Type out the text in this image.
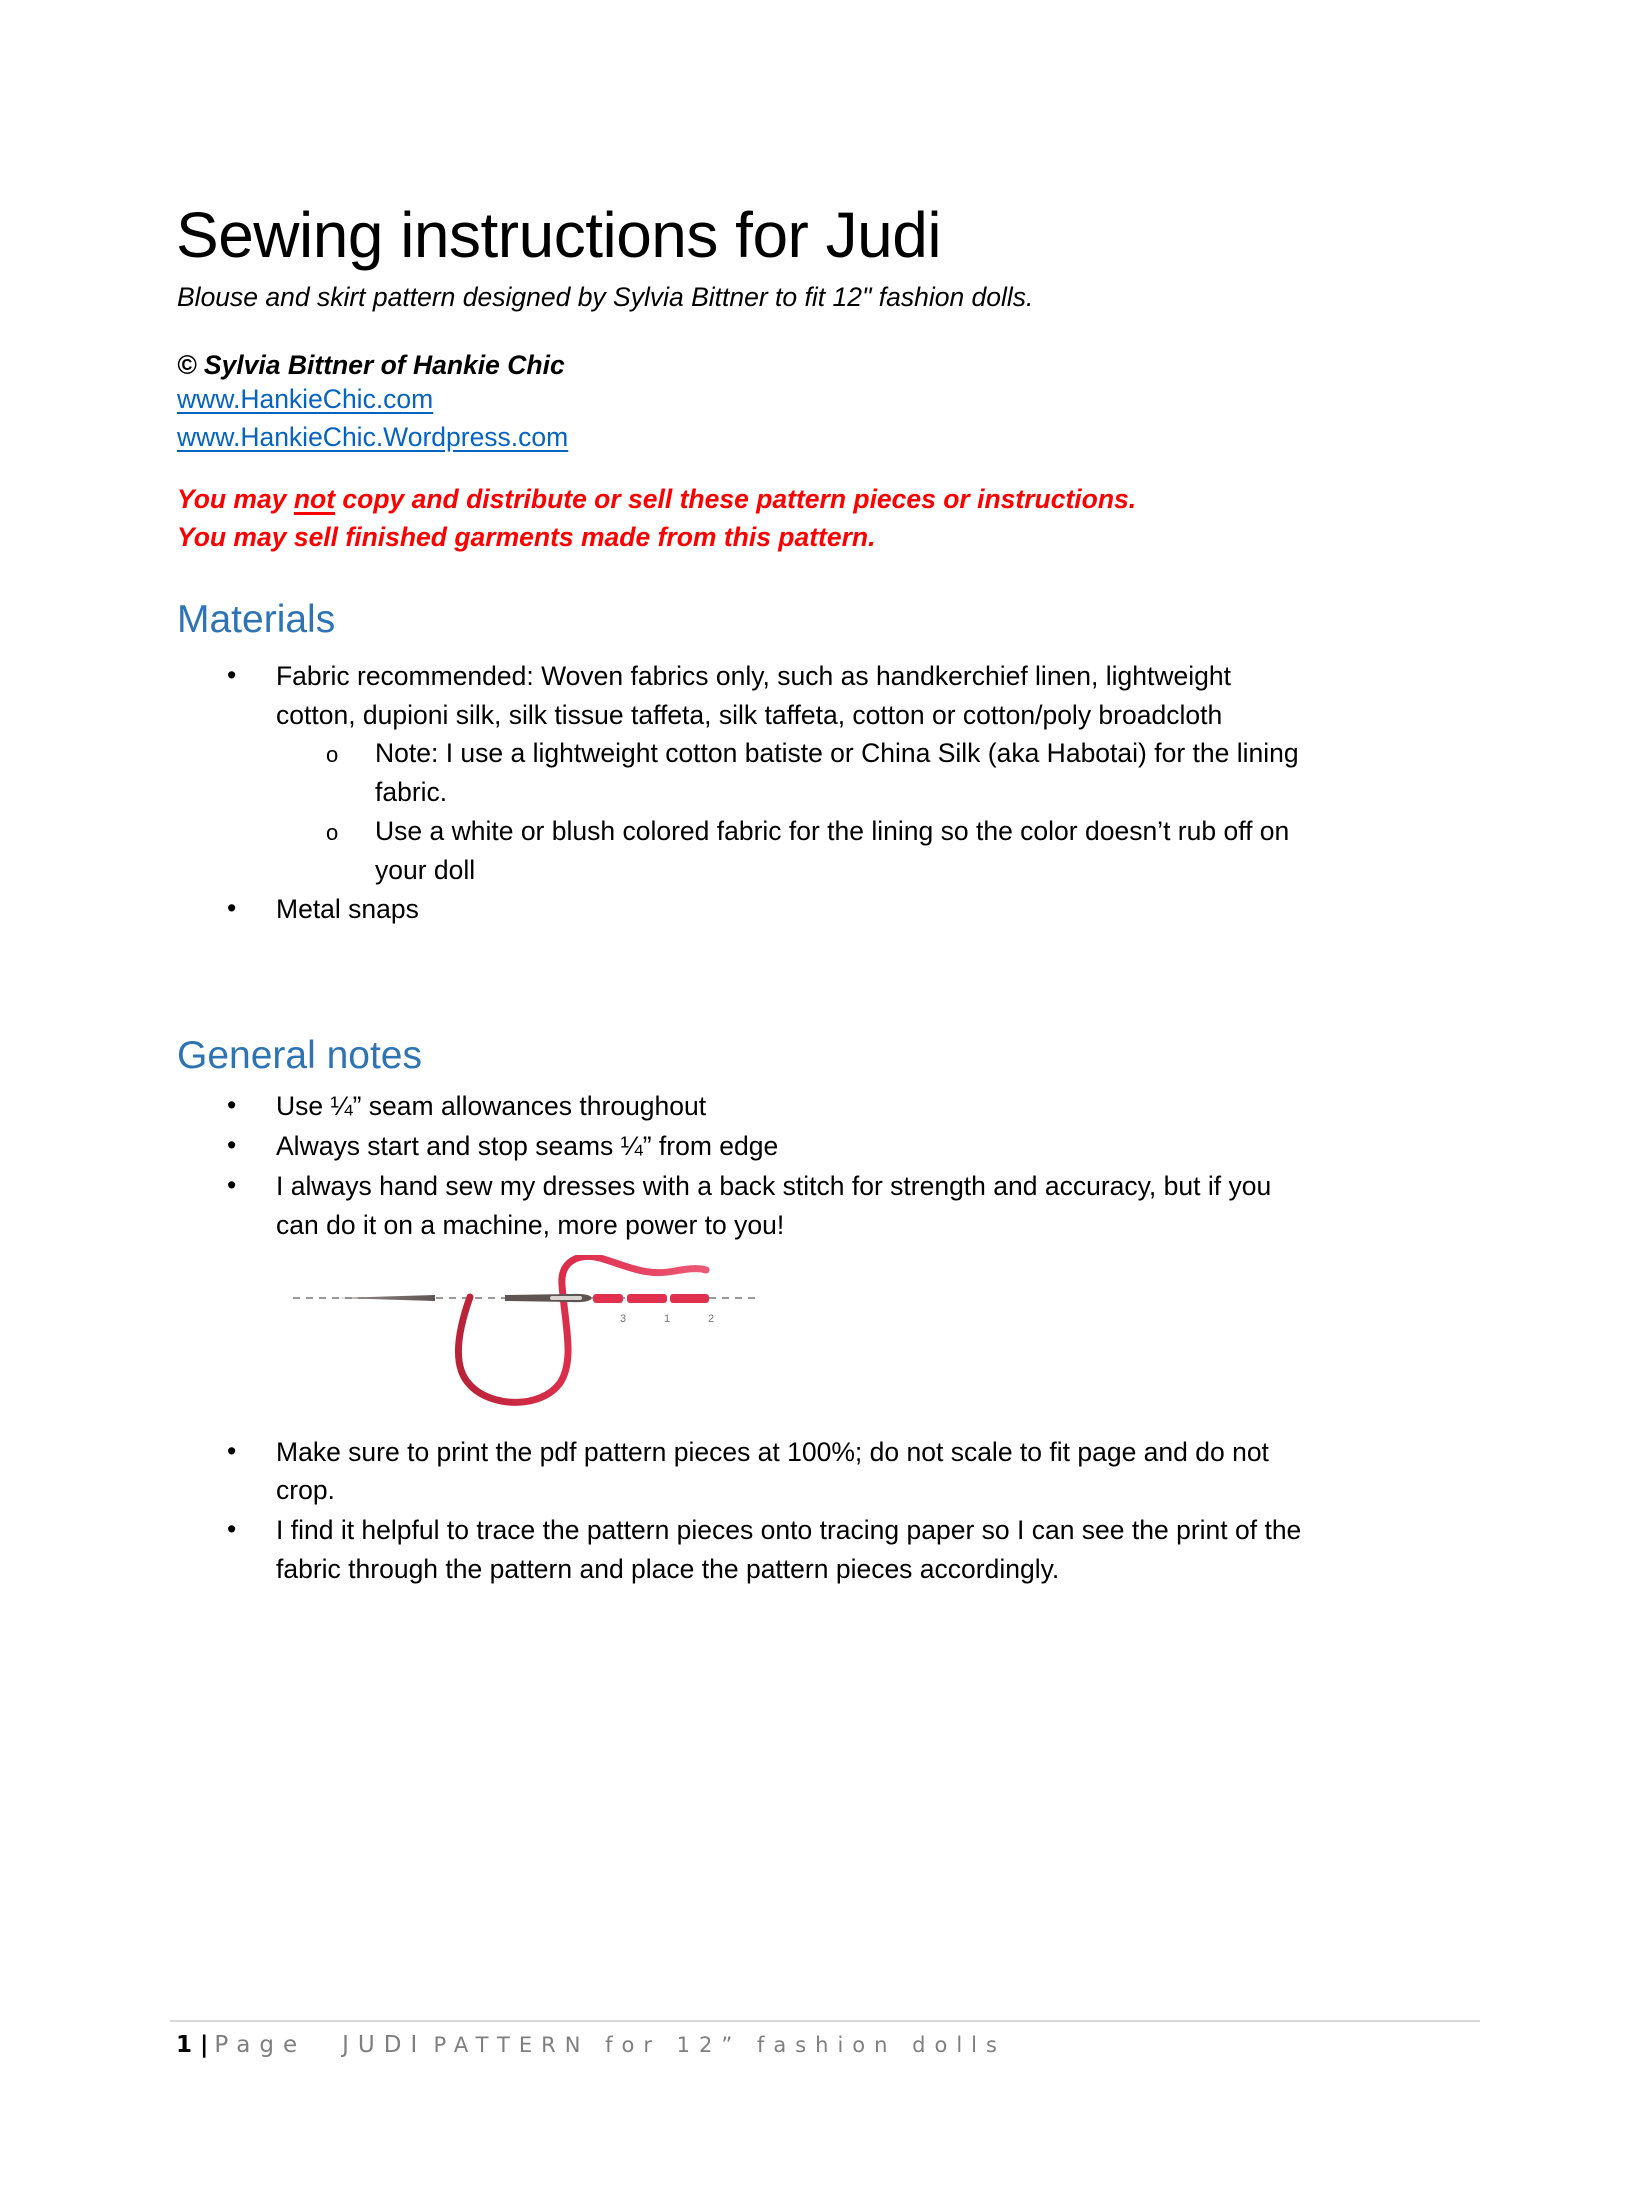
Sewing instructions for Judi
Blouse and skirt pattern designed by Sylvia Bittner to fit 12" fashion dolls.
© Sylvia Bittner of Hankie Chic
www.HankieChic.com
www.HankieChic.Wordpress.com
You may not copy and distribute or sell these pattern pieces or instructions.
You may sell finished garments made from this pattern.
Materials
• Fabric recommended: Woven fabrics only, such as handkerchief linen, lightweight
cotton, dupioni silk, silk tissue taffeta, silk taffeta, cotton or cotton/poly broadcloth
o Note: I use a lightweight cotton batiste or China Silk (aka Habotai) for the lining
fabric.
o Use a white or blush colored fabric for the lining so the color doesn’t rub off on
your doll
• Metal snaps
General notes
• Use ¼” seam allowances throughout
• Always start and stop seams ¼” from edge
• I always hand sew my dresses with a back stitch for strength and accuracy, but if you
can do it on a machine, more power to you!
3	1	2
• Make sure to print the pdf pattern pieces at 100%; do not scale to fit page and do not
crop.
• I find it helpful to trace the pattern pieces onto tracing paper so I can see the print of the
fabric through the pattern and place the pattern pieces accordingly.
1 | Page JUDI PATTERN for 12” fashion dolls
